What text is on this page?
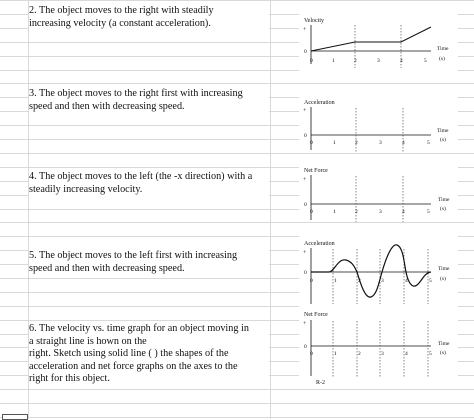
2. The object moves to the right with steadily

increasing velocity (a constant acceleration).

3. The object moves to the right first with increasing

speed and then with decreasing speed.

4. The object moves to the left (the -x direction) with a

steadily increasing velocity.

5. The object moves to the left first with increasing

speed and then with decreasing speed.

6. The velocity vs. time graph for an object moving in

a straight line is hown on the

right. Sketch using solid line ( ) the shapes of the

acceleration and net force graphs on the axes to the

right for this object.

Velocity
+
0	Time
(s)
0	1	2	3	4	5
Acceleration
+
0
Time
(s)
0	1	2	3	4	5
Net Force
+
0
Time
(s)
0	1	2	3	4	5
Acceleration
+
0
Time
(s)
0	1	2	3	4	5
Net Force
+
0	Time
(s)
0	1	2	3	4	5
R-2
